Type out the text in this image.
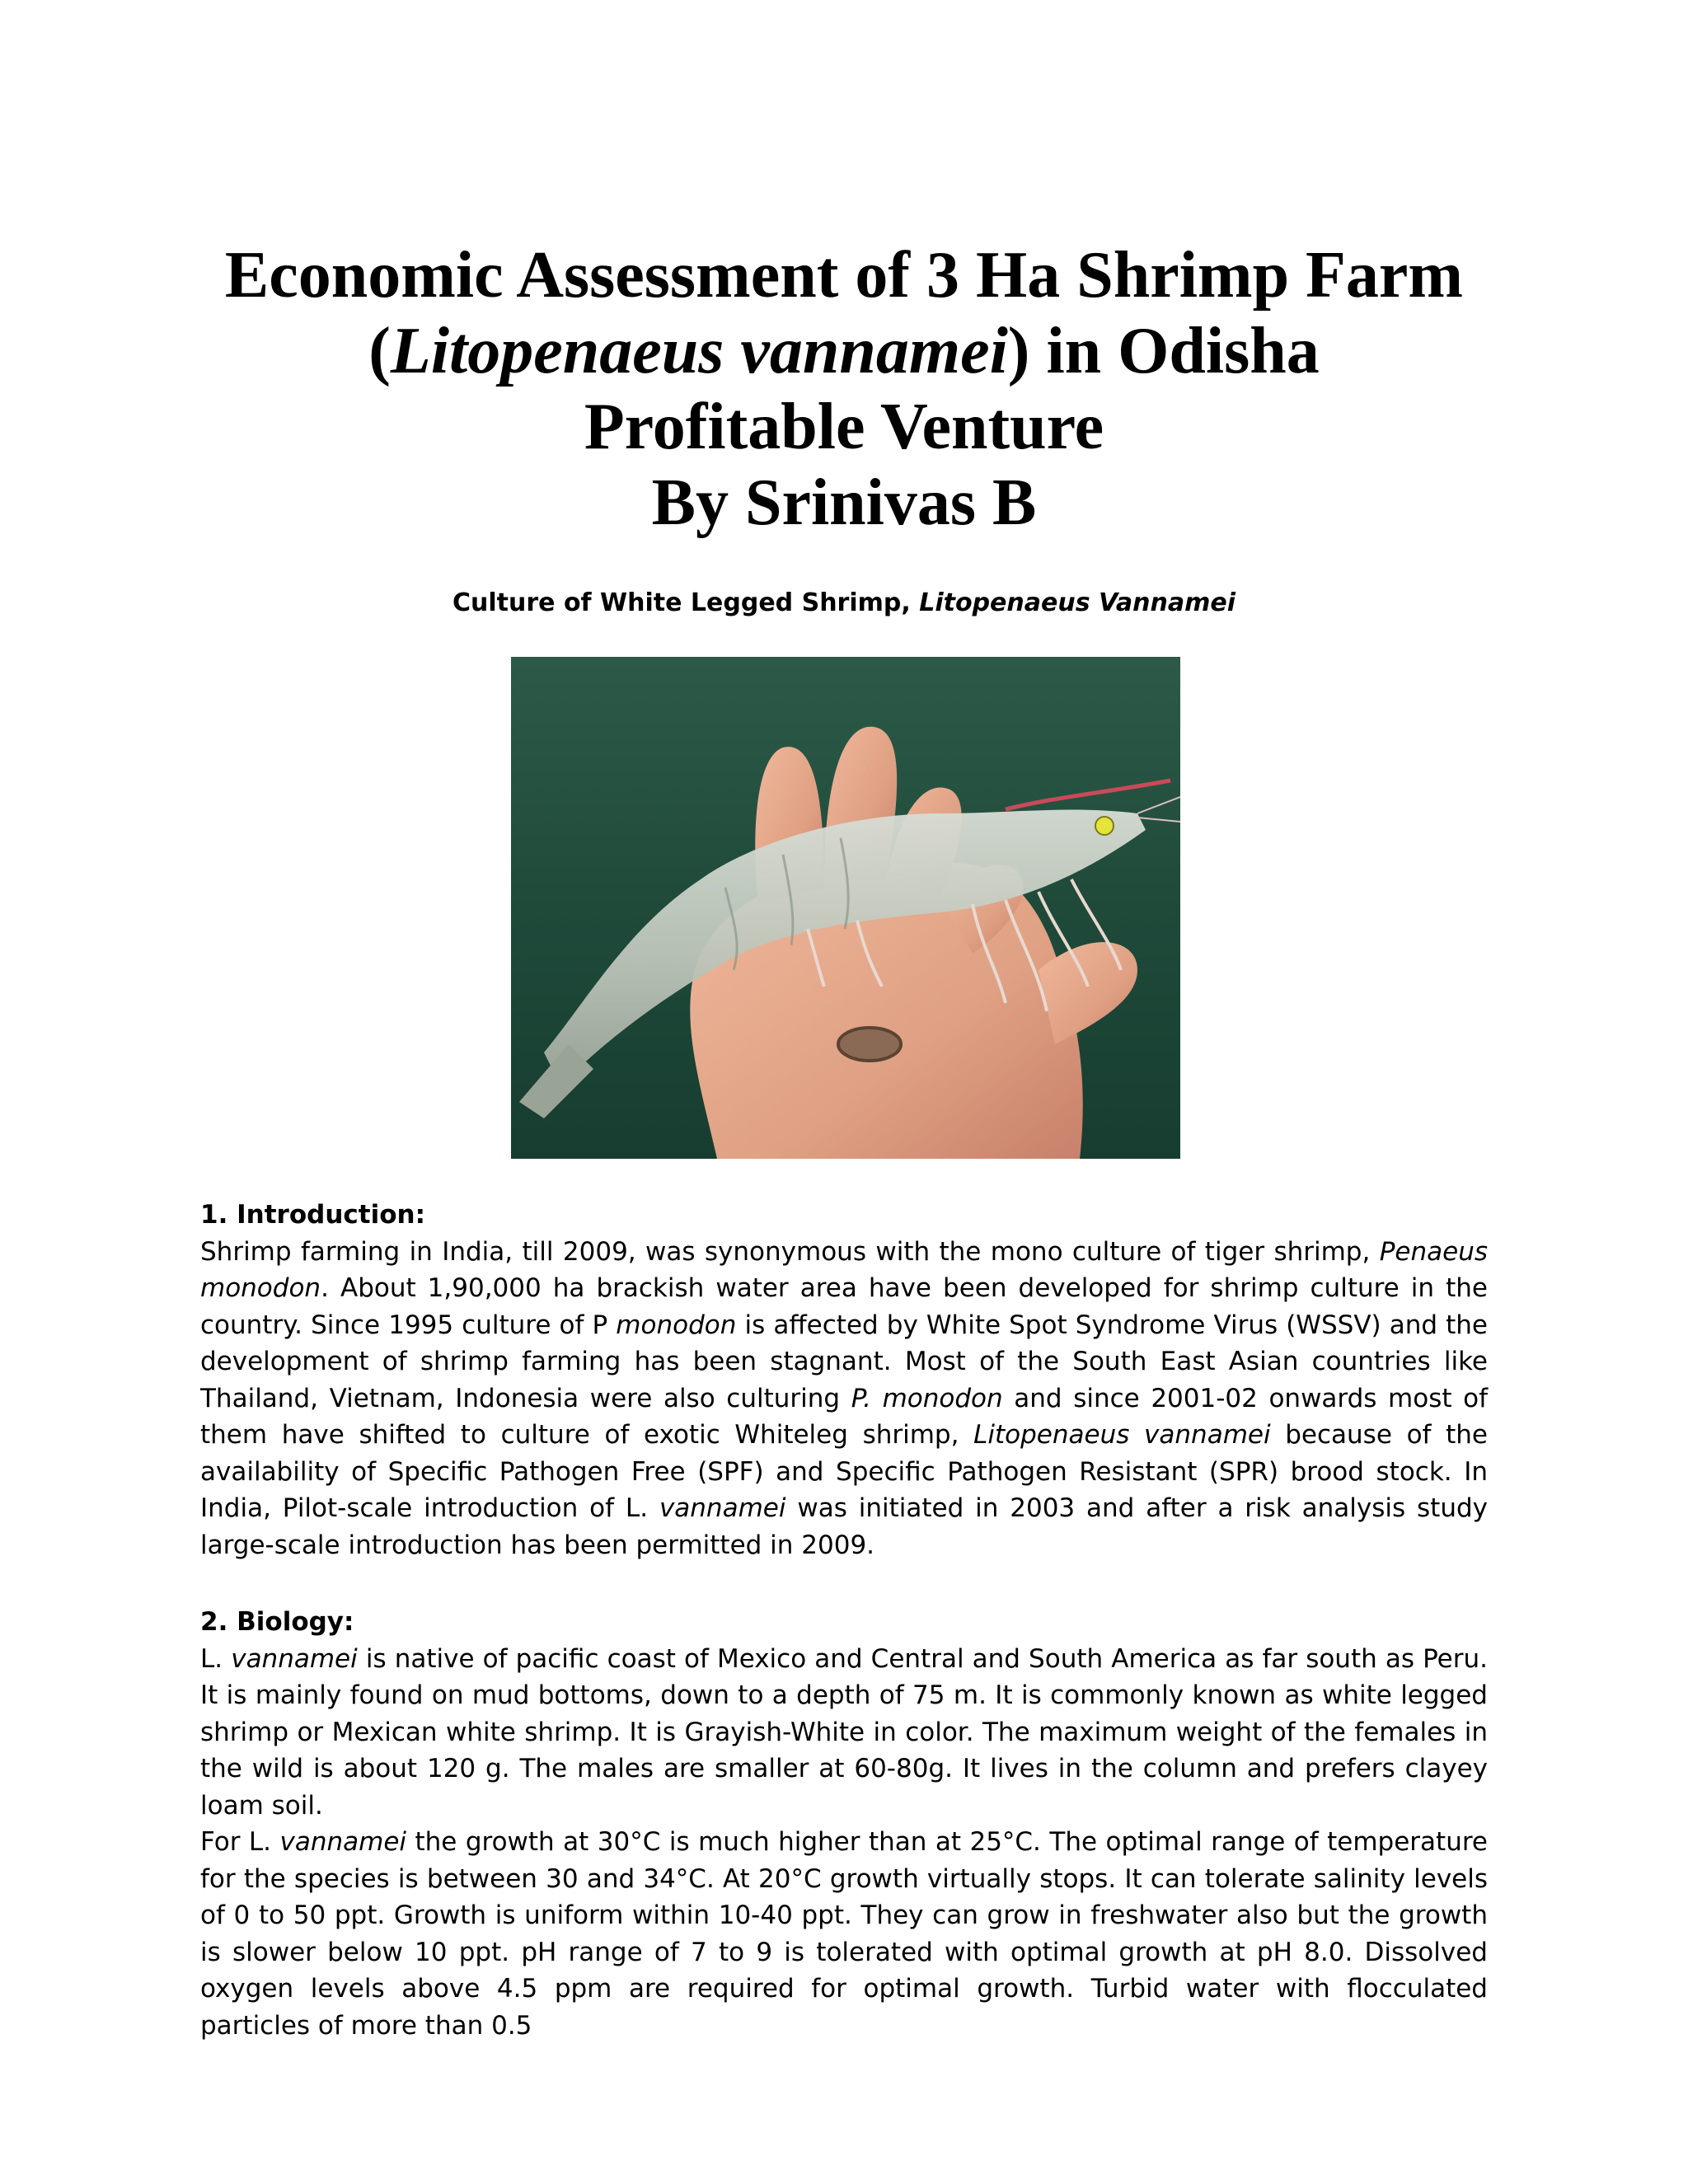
Economic Assessment of 3 Ha Shrimp Farm
(Litopenaeus vannamei) in Odisha
Profitable Venture
By Srinivas B
Culture of White Legged Shrimp, Litopenaeus Vannamei

1. Introduction:

Shrimp farming in India, till 2009, was synonymous with the mono culture of tiger shrimp, Penaeus monodon. About 1,90,000 ha brackish water area have been developed for shrimp culture in the country. Since 1995 culture of P monodon is affected by White Spot Syndrome Virus (WSSV) and the development of shrimp farming has been stagnant. Most of the South East Asian countries like Thailand, Vietnam, Indonesia were also culturing P. monodon and since 2001-02 onwards most of them have shifted to culture of exotic Whiteleg shrimp, Litopenaeus vannamei because of the availability of Specific Pathogen Free (SPF) and Specific Pathogen Resistant (SPR) brood stock. In India, Pilot-scale introduction of L. vannamei was initiated in 2003 and after a risk analysis study large-scale introduction has been permitted in 2009.

2. Biology:

L. vannamei is native of pacific coast of Mexico and Central and South America as far south as Peru. It is mainly found on mud bottoms, down to a depth of 75 m. It is commonly known as white legged shrimp or Mexican white shrimp. It is Grayish-White in color. The maximum weight of the females in the wild is about 120 g. The males are smaller at 60-80g. It lives in the column and prefers clayey loam soil.

For L. vannamei the growth at 30°C is much higher than at 25°C. The optimal range of temperature for the species is between 30 and 34°C. At 20°C growth virtually stops. It can tolerate salinity levels of 0 to 50 ppt. Growth is uniform within 10-40 ppt. They can grow in freshwater also but the growth is slower below 10 ppt. pH range of 7 to 9 is tolerated with optimal growth at pH 8.0. Dissolved oxygen levels above 4.5 ppm are required for optimal growth. Turbid water with flocculated particles of more than 0.5
